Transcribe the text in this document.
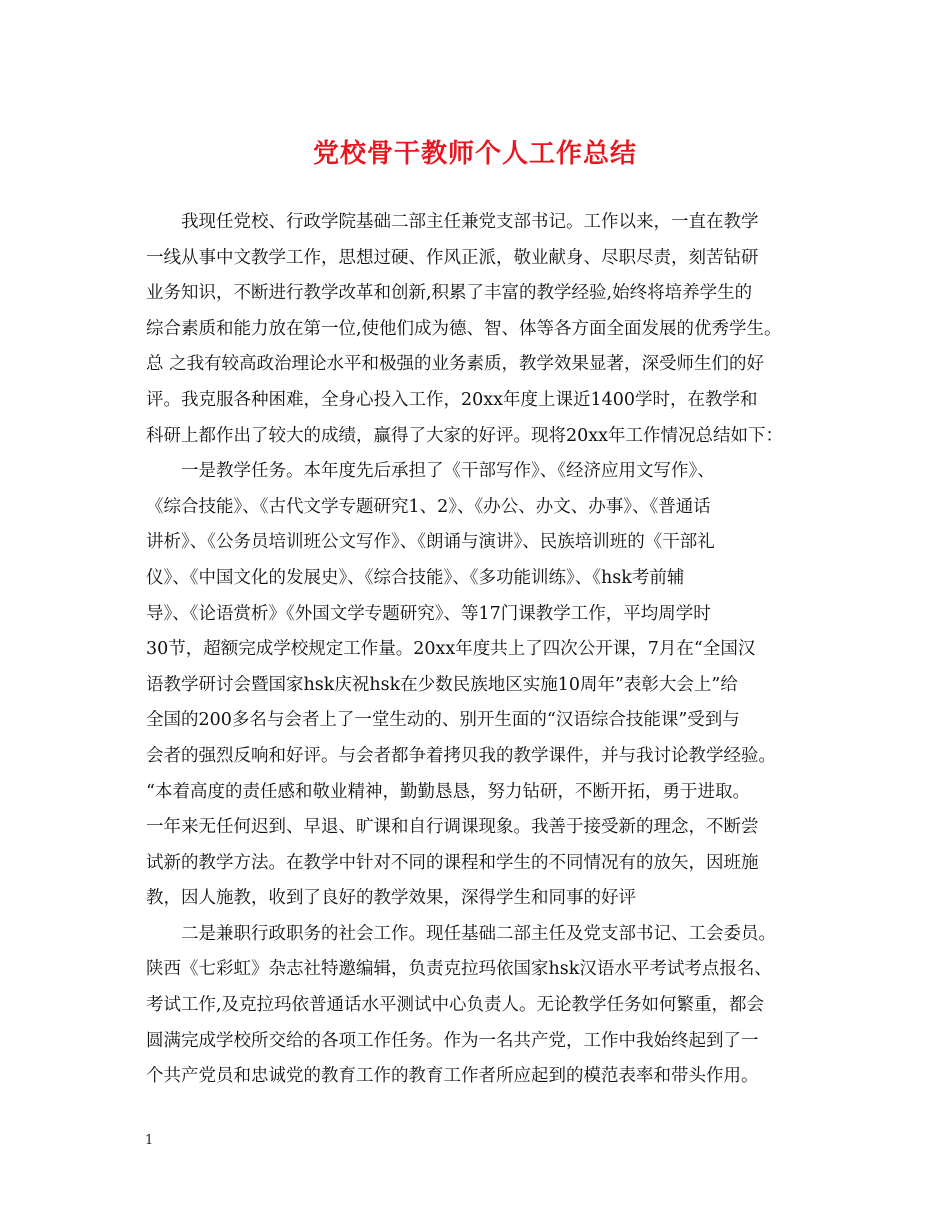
党校骨干教师个人工作总结
我现任党校、行政学院基础二部主任兼党支部书记。工作以来，一直在教学
一线从事中文教学工作，思想过硬、作风正派，敬业献身、尽职尽责，刻苦钻研
业务知识，不断进行教学改革和创新,积累了丰富的教学经验,始终将培养学生的
综合素质和能力放在第一位,使他们成为德、智、体等各方面全面发展的优秀学生。
总 之我有较高政治理论水平和极强的业务素质，教学效果显著，深受师生们的好
评。我克服各种困难，全身心投入工作，20xx年度上课近1400学时，在教学和
科研上都作出了较大的成绩，赢得了大家的好评。现将20xx年工作情况总结如下：
一是教学任务。本年度先后承担了《干部写作》、《经济应用文写作》、
《综合技能》、《古代文学专题研究1、2》、《办公、办文、办事》、《普通话
讲析》、《公务员培训班公文写作》、《朗诵与演讲》、民族培训班的《干部礼
仪》、《中国文化的发展史》、《综合技能》、《多功能训练》、《hsk考前辅
导》、《论语赏析》《外国文学专题研究》、等17门课教学工作，平均周学时
30节，超额完成学校规定工作量。20xx年度共上了四次公开课，7月在“全国汉
语教学研讨会暨国家hsk庆祝hsk在少数民族地区实施10周年”表彰大会上”给
全国的200多名与会者上了一堂生动的、别开生面的“汉语综合技能课”受到与
会者的强烈反响和好评。与会者都争着拷贝我的教学课件，并与我讨论教学经验。
“本着高度的责任感和敬业精神，勤勤恳恳，努力钻研，不断开拓，勇于进取。
一年来无任何迟到、早退、旷课和自行调课现象。我善于接受新的理念，不断尝
试新的教学方法。在教学中针对不同的课程和学生的不同情况有的放矢，因班施
教，因人施教，收到了良好的教学效果，深得学生和同事的好评
二是兼职行政职务的社会工作。现任基础二部主任及党支部书记、工会委员。
陕西《七彩虹》杂志社特邀编辑，负责克拉玛依国家hsk汉语水平考试考点报名、
考试工作,及克拉玛依普通话水平测试中心负责人。无论教学任务如何繁重，都会
圆满完成学校所交给的各项工作任务。作为一名共产党，工作中我始终起到了一
个共产党员和忠诚党的教育工作的教育工作者所应起到的模范表率和带头作用。
1
